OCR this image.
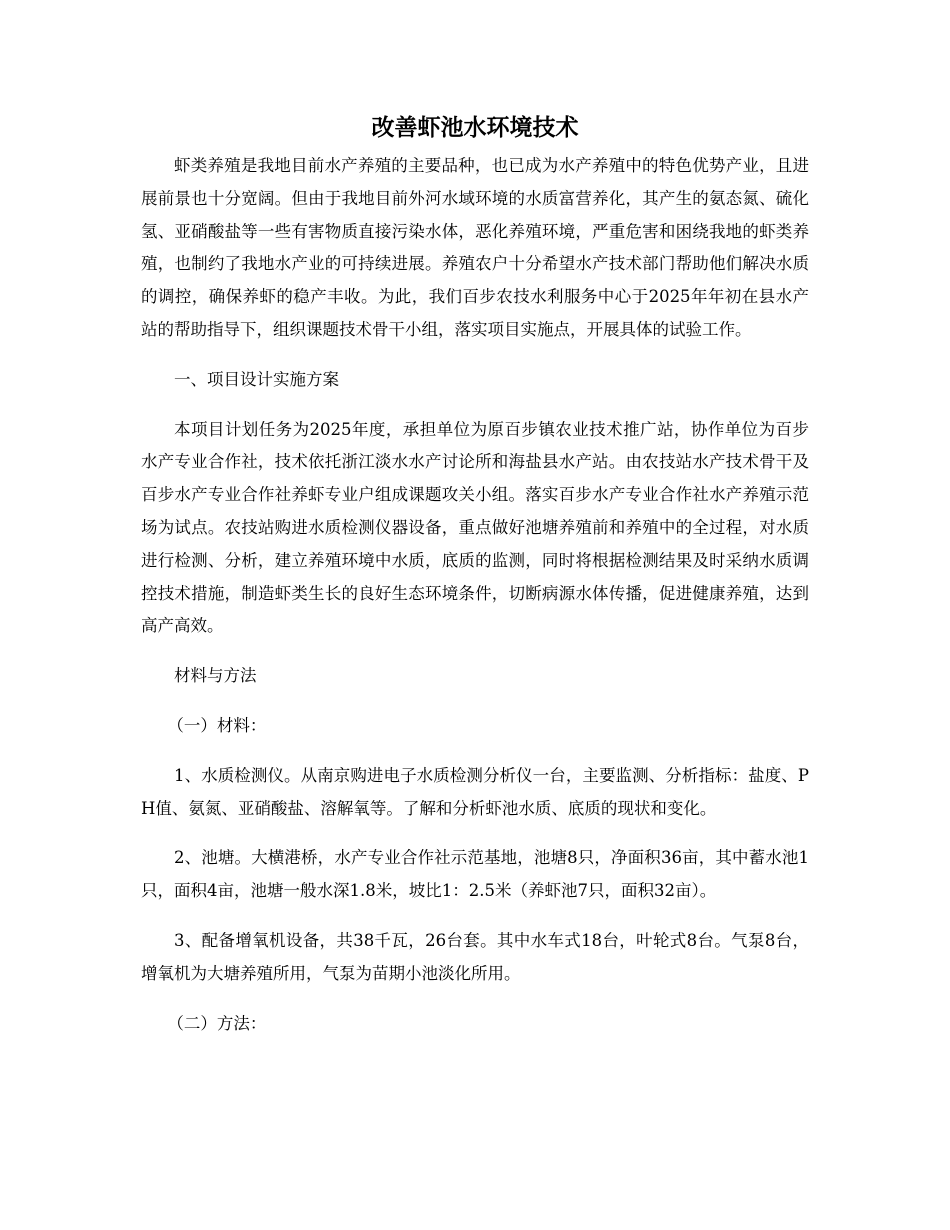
改善虾池水环境技术

虾类养殖是我地目前水产养殖的主要品种，也已成为水产养殖中的特色优势产业，且进展前景也十分宽阔。但由于我地目前外河水域环境的水质富营养化，其产生的氨态氮、硫化氢、亚硝酸盐等一些有害物质直接污染水体，恶化养殖环境，严重危害和困绕我地的虾类养殖，也制约了我地水产业的可持续进展。养殖农户十分希望水产技术部门帮助他们解决水质的调控，确保养虾的稳产丰收。为此，我们百步农技水利服务中心于2025年年初在县水产站的帮助指导下，组织课题技术骨干小组，落实项目实施点，开展具体的试验工作。

一、项目设计实施方案

本项目计划任务为2025年度，承担单位为原百步镇农业技术推广站，协作单位为百步水产专业合作社，技术依托浙江淡水水产讨论所和海盐县水产站。由农技站水产技术骨干及百步水产专业合作社养虾专业户组成课题攻关小组。落实百步水产专业合作社水产养殖示范场为试点。农技站购进水质检测仪器设备，重点做好池塘养殖前和养殖中的全过程，对水质进行检测、分析，建立养殖环境中水质，底质的监测，同时将根据检测结果及时采纳水质调控技术措施，制造虾类生长的良好生态环境条件，切断病源水体传播，促进健康养殖，达到高产高效。

材料与方法

（一）材料：

1、水质检测仪。从南京购进电子水质检测分析仪一台，主要监测、分析指标：盐度、PH值、氨氮、亚硝酸盐、溶解氧等。了解和分析虾池水质、底质的现状和变化。

2、池塘。大横港桥，水产专业合作社示范基地，池塘8只，净面积36亩，其中蓄水池1只，面积4亩，池塘一般水深1.8米，坡比1：2.5米（养虾池7只，面积32亩）。

3、配备增氧机设备，共38千瓦，26台套。其中水车式18台，叶轮式8台。气泵8台，增氧机为大塘养殖所用，气泵为苗期小池淡化所用。

（二）方法：
